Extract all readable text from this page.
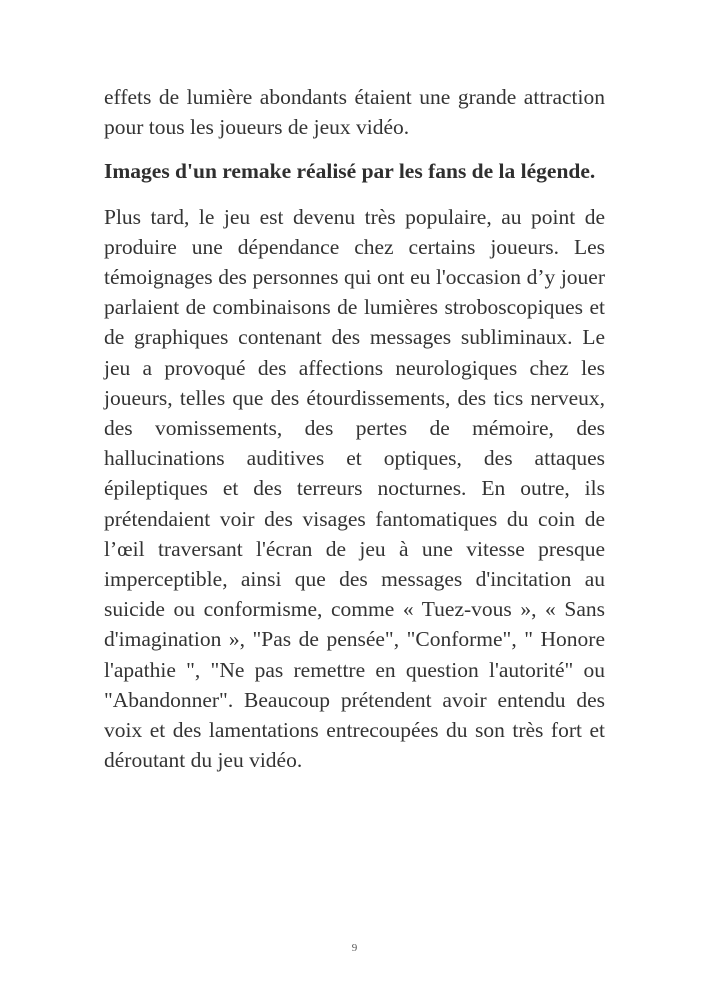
effets de lumière abondants étaient une grande attraction pour tous les joueurs de jeux vidéo.

Images d'un remake réalisé par les fans de la légende.

Plus tard, le jeu est devenu très populaire, au point de produire une dépendance chez certains joueurs. Les témoignages des personnes qui ont eu l'occasion d’y jouer parlaient de combinaisons de lumières stroboscopiques et de graphiques contenant des messages subliminaux. Le jeu a provoqué des affections neurologiques chez les joueurs, telles que des étourdissements, des tics nerveux, des vomissements, des pertes de mémoire, des hallucinations auditives et optiques, des attaques épileptiques et des terreurs nocturnes. En outre, ils prétendaient voir des visages fantomatiques du coin de l’œil traversant l'écran de jeu à une vitesse presque imperceptible, ainsi que des messages d'incitation au suicide ou conformisme, comme « Tuez-vous », « Sans d'imagination », "Pas de pensée", "Conforme", " Honore l'apathie ", "Ne pas remettre en question l'autorité" ou "Abandonner". Beaucoup prétendent avoir entendu des voix et des lamentations entrecoupées du son très fort et déroutant du jeu vidéo.

9
